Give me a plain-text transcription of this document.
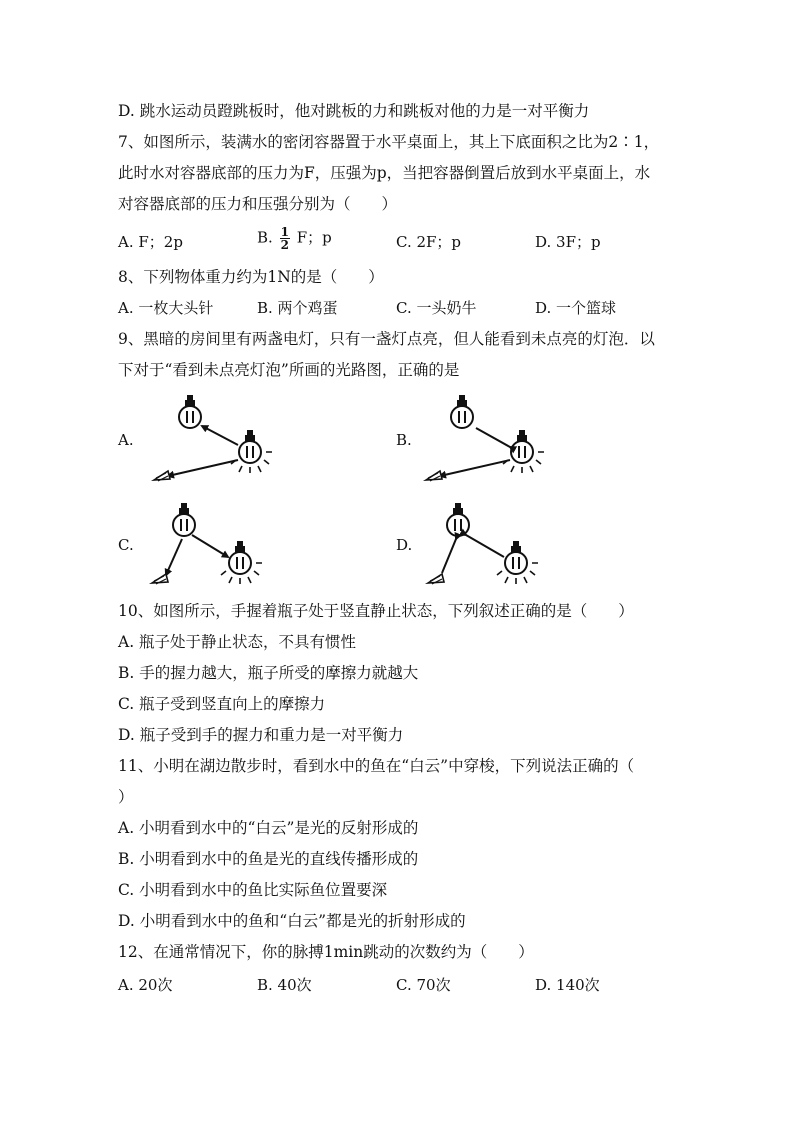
D. 跳水运动员蹬跳板时，他对跳板的力和跳板对他的力是一对平衡力
7、如图所示，装满水的密闭容器置于水平桌面上，其上下底面积之比为2∶1，
此时水对容器底部的压力为F，压强为p，当把容器倒置后放到水平桌面上，水
对容器底部的压力和压强分别为（　　）
A. F；2p	B. $\frac{1}{2}$ F；p	C. 2F；p	D. 3F；p
8、下列物体重力约为1N的是（　　）
A. 一枚大头针	B. 两个鸡蛋	C. 一头奶牛	D. 一个篮球
9、黑暗的房间里有两盏电灯，只有一盏灯点亮，但人能看到未点亮的灯泡．以
下对于“看到未点亮灯泡”所画的光路图，正确的是
A.	B.
C.	D.
10、如图所示，手握着瓶子处于竖直静止状态，下列叙述正确的是（　　）
A. 瓶子处于静止状态，不具有惯性
B. 手的握力越大，瓶子所受的摩擦力就越大
C. 瓶子受到竖直向上的摩擦力
D. 瓶子受到手的握力和重力是一对平衡力
11、小明在湖边散步时，看到水中的鱼在“白云”中穿梭，下列说法正确的（
）
A. 小明看到水中的“白云”是光的反射形成的
B. 小明看到水中的鱼是光的直线传播形成的
C. 小明看到水中的鱼比实际鱼位置要深
D. 小明看到水中的鱼和“白云”都是光的折射形成的
12、在通常情况下，你的脉搏1min跳动的次数约为（　　）
A. 20次	B. 40次	C. 70次	D. 140次
